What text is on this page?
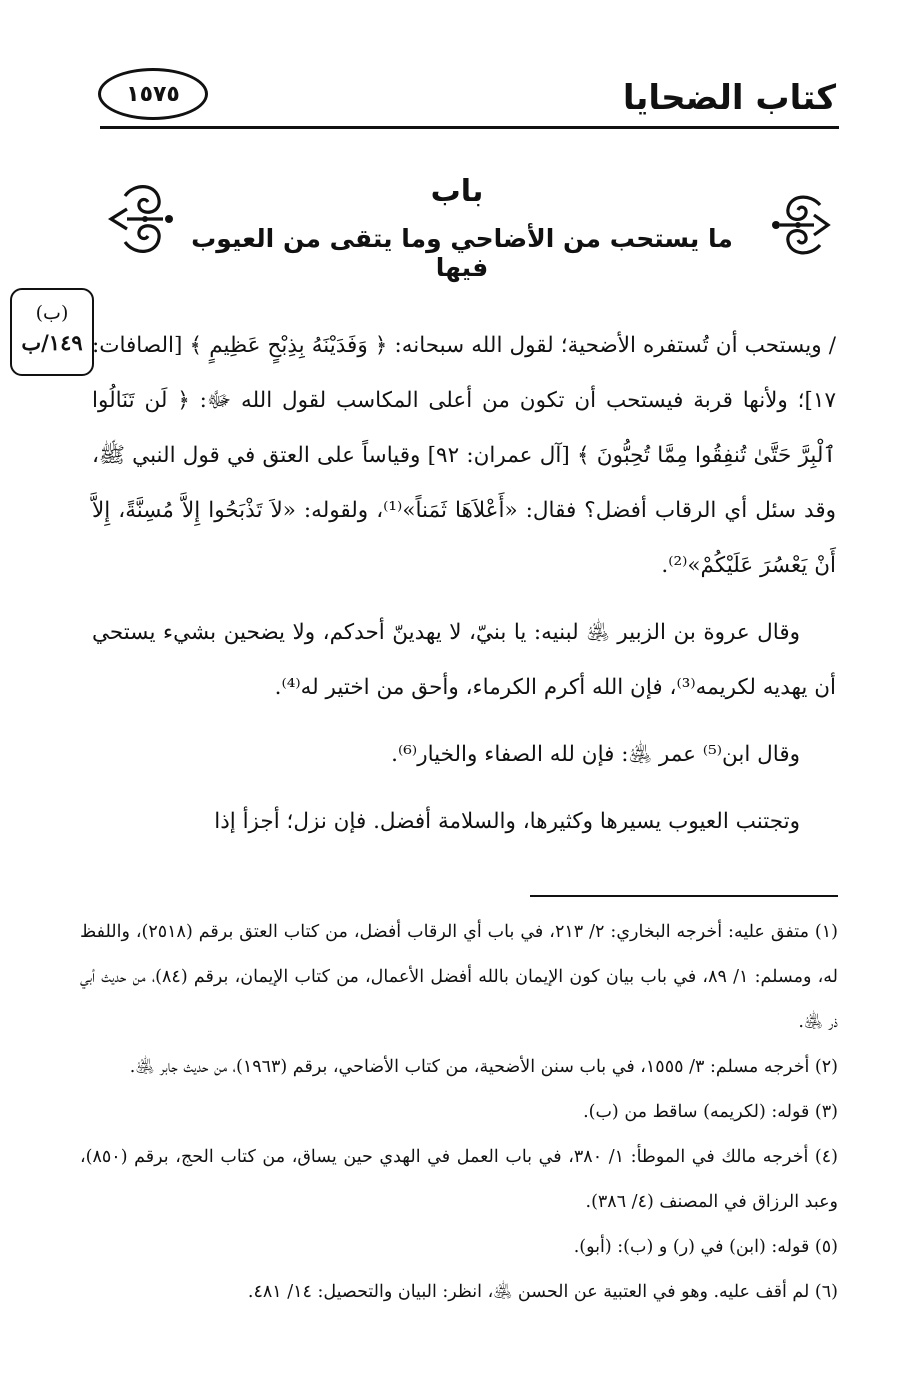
كتاب الضحايا
١٥٧٥
باب
ما يستحب من الأضاحي وما يتقى من العيوب فيها
(ب)
١٤٩/ب / ويستحب أن تُستفره الأضحية؛ لقول الله سبحانه: ﴿ وَفَدَيْنَهُ بِذِبْحٍ عَظِيمٍ ﴾ [الصافات: ١٧]؛ ولأنها قربة فيستحب أن تكون من أعلى المكاسب لقول الله ﷻ: ﴿ لَن تَنَالُوا ٱلْبِرَّ حَتَّىٰ تُنفِقُوا مِمَّا تُحِبُّونَ ﴾ [آل عمران: ٩٢] وقياساً على العتق في قول النبي ﷺ، وقد سئل أي الرقاب أفضل؟ فقال: «أَعْلاَهَا ثَمَناً»⁽¹⁾، ولقوله: «لاَ تَذْبَحُوا إِلاَّ مُسِنَّةً، إِلاَّ أَنْ يَعْسُرَ عَلَيْكُمْ»⁽²⁾.

وقال عروة بن الزبير ﵁ لبنيه: يا بنيّ، لا يهدينّ أحدكم، ولا يضحين بشيء يستحي أن يهديه لكريمه⁽³⁾، فإن الله أكرم الكرماء، وأحق من اختير له⁽⁴⁾.

وقال ابن⁽⁵⁾ عمر ﵁: فإن لله الصفاء والخيار⁽⁶⁾.

وتجتنب العيوب يسيرها وكثيرها، والسلامة أفضل. فإن نزل؛ أجزأ إذا

(١) متفق عليه: أخرجه البخاري: ٢/ ٢١٣، في باب أي الرقاب أفضل، من كتاب العتق برقم (٢٥١٨)، واللفظ له، ومسلم: ١/ ٨٩، في باب بيان كون الإيمان بالله أفضل الأعمال، من كتاب الإيمان، برقم (٨٤)، من حديث أبي ذر ﵁.
(٢) أخرجه مسلم: ٣/ ١٥٥٥، في باب سنن الأضحية، من كتاب الأضاحي، برقم (١٩٦٣)، من حديث جابر ﵁.
(٣) قوله: (لكريمه) ساقط من (ب).
(٤) أخرجه مالك في الموطأ: ١/ ٣٨٠، في باب العمل في الهدي حين يساق، من كتاب الحج، برقم (٨٥٠)، وعبد الرزاق في المصنف (٤/ ٣٨٦).
(٥) قوله: (ابن) في (ر) و (ب): (أبو).
(٦) لم أقف عليه. وهو في العتبية عن الحسن ﵁، انظر: البيان والتحصيل: ١٤/ ٤٨١.
